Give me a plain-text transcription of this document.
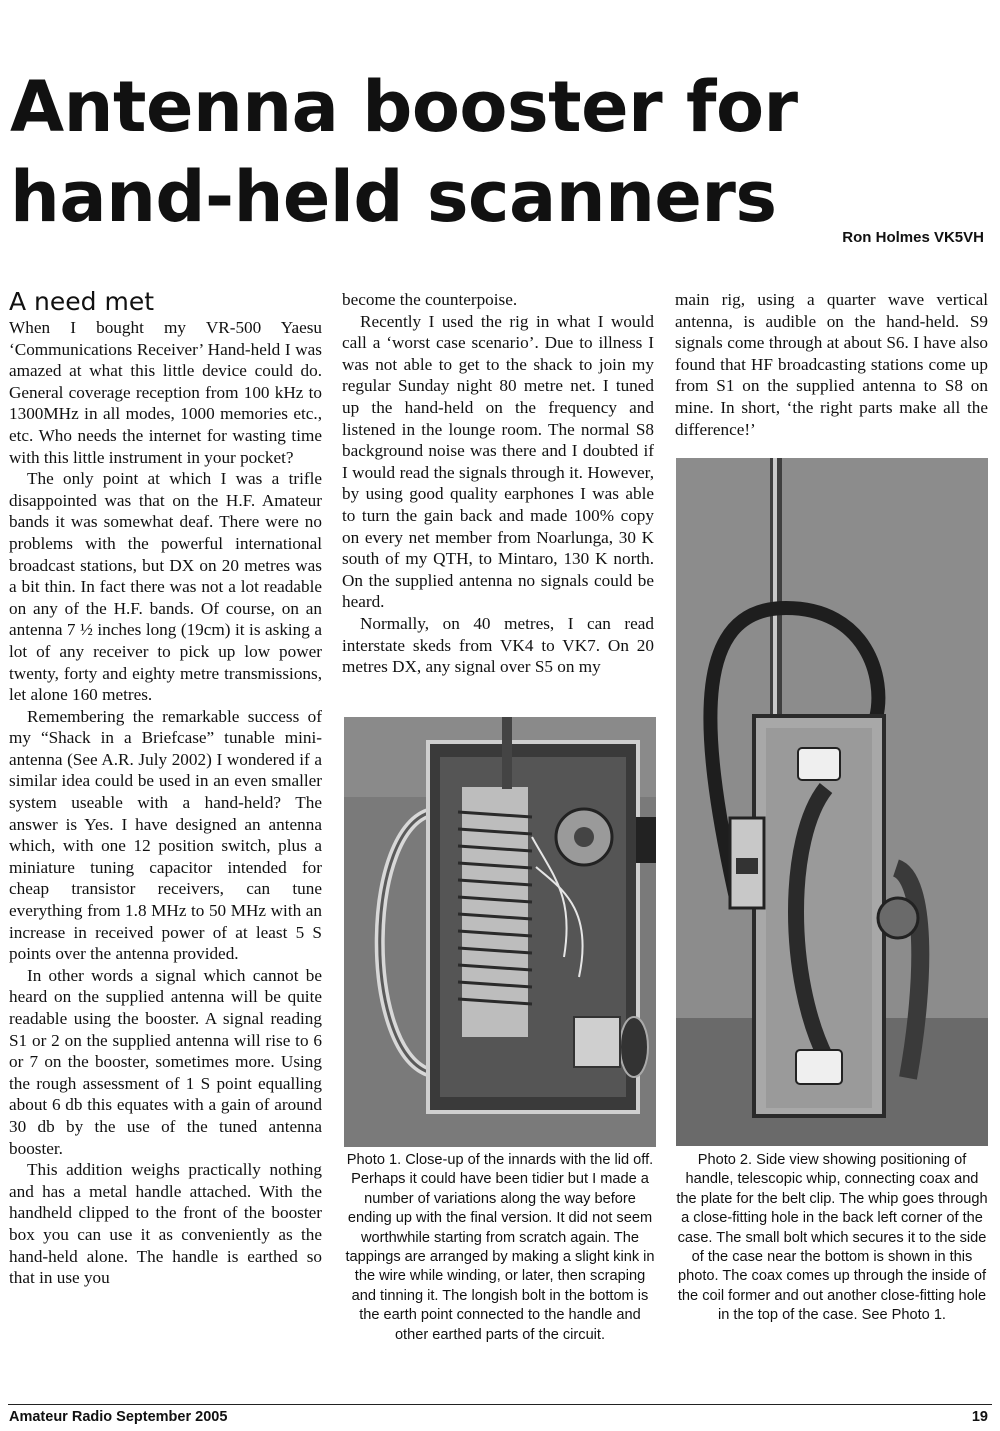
Antenna booster for
hand-held scanners	Ron Holmes VK5VH
A need met

When I bought my VR-500 Yaesu ‘Communications Receiver’ Hand-held I was amazed at what this little device could do. General coverage reception from 100 kHz to 1300MHz in all modes, 1000 memories etc., etc. Who needs the internet for wasting time with this little instrument in your pocket?

The only point at which I was a trifle disappointed was that on the H.F. Amateur bands it was somewhat deaf. There were no problems with the powerful international broadcast stations, but DX on 20 metres was a bit thin. In fact there was not a lot readable on any of the H.F. bands. Of course, on an antenna 7 ½ inches long (19cm) it is asking a lot of any receiver to pick up low power twenty, forty and eighty metre transmissions, let alone 160 metres.

Remembering the remarkable success of my “Shack in a Briefcase” tunable mini-antenna (See A.R. July 2002) I wondered if a similar idea could be used in an even smaller system useable with a hand-held? The answer is Yes. I have designed an antenna which, with one 12 position switch, plus a miniature tuning capacitor intended for cheap transistor receivers, can tune everything from 1.8 MHz to 50 MHz with an increase in received power of at least 5 S points over the antenna provided.

In other words a signal which cannot be heard on the supplied antenna will be quite readable using the booster. A signal reading S1 or 2 on the supplied antenna will rise to 6 or 7 on the booster, sometimes more. Using the rough assessment of 1 S point equalling about 6 db this equates with a gain of around 30 db by the use of the tuned antenna booster.

This addition weighs practically nothing and has a metal handle attached. With the handheld clipped to the front of the booster box you can use it as conveniently as the hand-held alone. The handle is earthed so that in use you

become the counterpoise.

Recently I used the rig in what I would call a ‘worst case scenario’. Due to illness I was not able to get to the shack to join my regular Sunday night 80 metre net. I tuned up the hand-held on the frequency and listened in the lounge room. The normal S8 background noise was there and I doubted if I would read the signals through it. However, by using good quality earphones I was able to turn the gain back and made 100% copy on every net member from Noarlunga, 30 K south of my QTH, to Mintaro, 130 K north. On the supplied antenna no signals could be heard.

Normally, on 40 metres, I can read interstate skeds from VK4 to VK7. On 20 metres DX, any signal over S5 on my

main rig, using a quarter wave vertical antenna, is audible on the hand-held. S9 signals come through at about S6. I have also found that HF broadcasting stations come up from S1 on the supplied antenna to S8 on mine. In short, ‘the right parts make all the difference!’

Photo 1. Close-up of the innards with the lid off. Perhaps it could have been tidier but I made a number of variations along the way before ending up with the final version. It did not seem worthwhile starting from scratch again. The tappings are arranged by making a slight kink in the wire while winding, or later, then scraping and tinning it. The longish bolt in the bottom is the earth point connected to the handle and other earthed parts of the circuit.
Photo 2. Side view showing positioning of handle, telescopic whip, connecting coax and the plate for the belt clip. The whip goes through a close-fitting hole in the back left corner of the case. The small bolt which secures it to the side of the case near the bottom is shown in this photo. The coax comes up through the inside of the coil former and out another close-fitting hole in the top of the case. See Photo 1.
Amateur Radio September 2005	19
